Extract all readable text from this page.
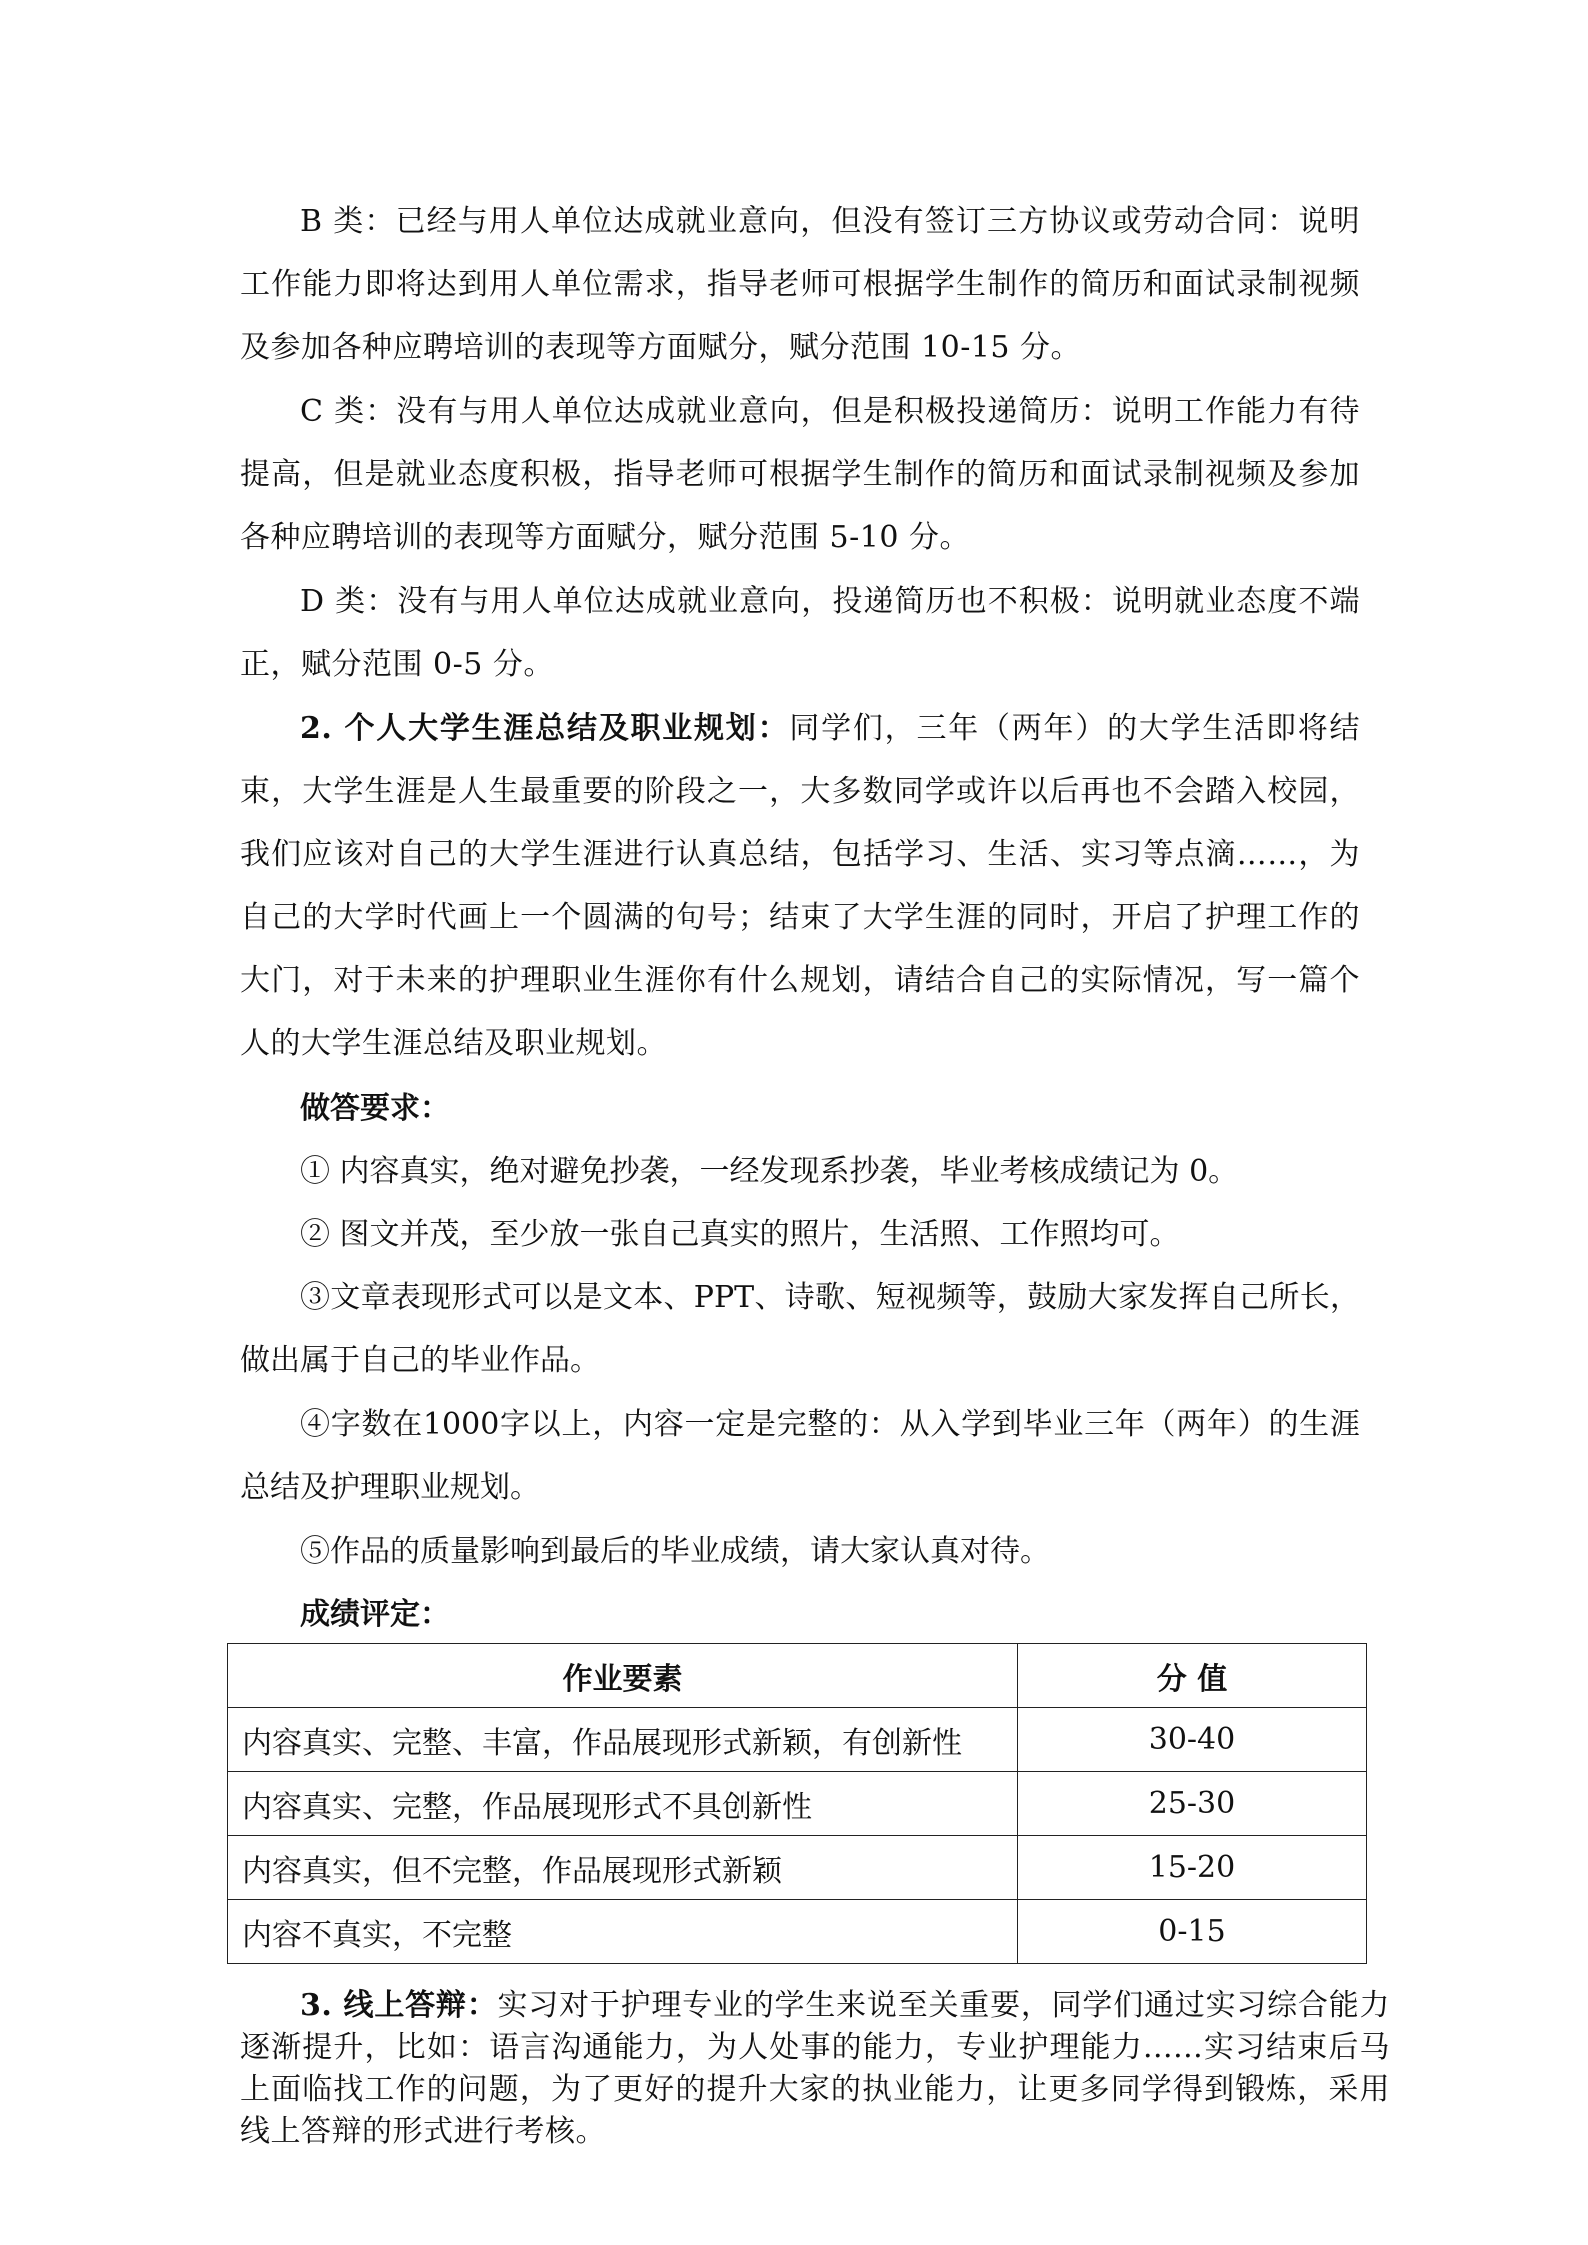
B 类：已经与用人单位达成就业意向，但没有签订三方协议或劳动合同：说明工作能力即将达到用人单位需求，指导老师可根据学生制作的简历和面试录制视频及参加各种应聘培训的表现等方面赋分，赋分范围 10-15 分。

C 类：没有与用人单位达成就业意向，但是积极投递简历：说明工作能力有待提高，但是就业态度积极，指导老师可根据学生制作的简历和面试录制视频及参加各种应聘培训的表现等方面赋分，赋分范围 5-10 分。

D 类：没有与用人单位达成就业意向，投递简历也不积极：说明就业态度不端正，赋分范围 0-5 分。

2. 个人大学生涯总结及职业规划：同学们，三年（两年）的大学生活即将结束，大学生涯是人生最重要的阶段之一，大多数同学或许以后再也不会踏入校园，我们应该对自己的大学生涯进行认真总结，包括学习、生活、实习等点滴……，为自己的大学时代画上一个圆满的句号；结束了大学生涯的同时，开启了护理工作的大门，对于未来的护理职业生涯你有什么规划，请结合自己的实际情况，写一篇个人的大学生涯总结及职业规划。

做答要求：

① 内容真实，绝对避免抄袭，一经发现系抄袭，毕业考核成绩记为 0。

② 图文并茂，至少放一张自己真实的照片，生活照、工作照均可。

③文章表现形式可以是文本、PPT、诗歌、短视频等，鼓励大家发挥自己所长，做出属于自己的毕业作品。

④字数在1000字以上，内容一定是完整的：从入学到毕业三年（两年）的生涯总结及护理职业规划。

⑤作品的质量影响到最后的毕业成绩，请大家认真对待。

成绩评定：

作业要素	分 值
内容真实、完整、丰富，作品展现形式新颖，有创新性	30-40
内容真实、完整，作品展现形式不具创新性	25-30
内容真实，但不完整，作品展现形式新颖	15-20
内容不真实，不完整	0-15

3. 线上答辩：实习对于护理专业的学生来说至关重要，同学们通过实习综合能力逐渐提升，比如：语言沟通能力，为人处事的能力，专业护理能力......实习结束后马上面临找工作的问题，为了更好的提升大家的执业能力，让更多同学得到锻炼，采用线上答辩的形式进行考核。
